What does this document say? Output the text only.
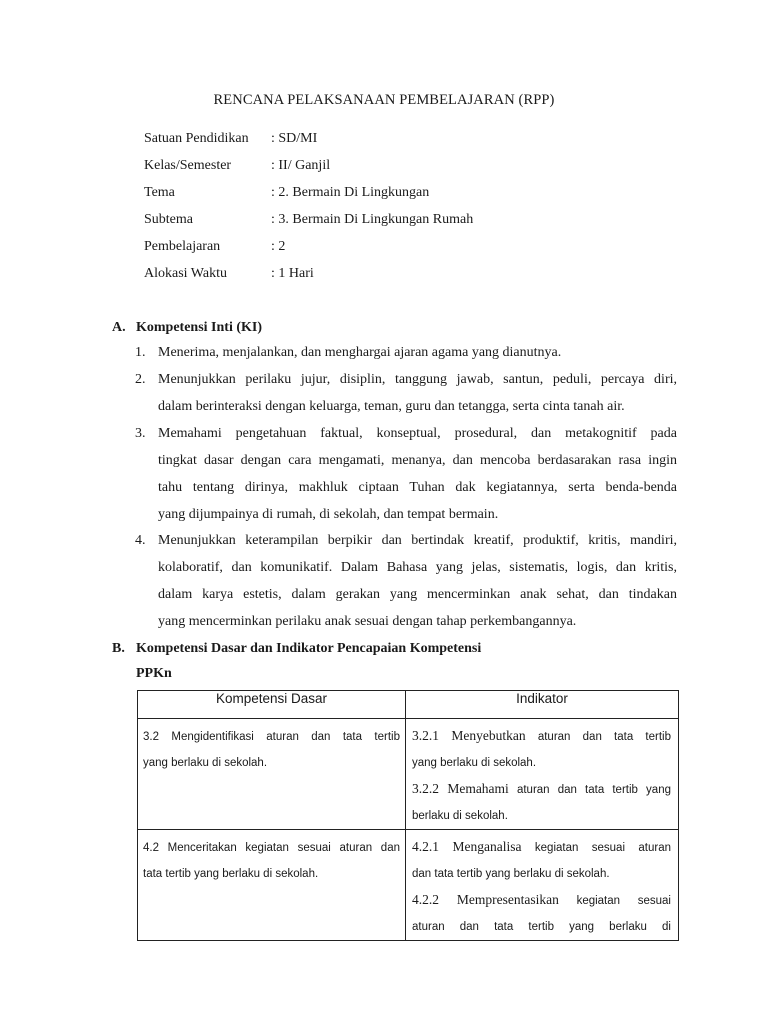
RENCANA PELAKSANAAN PEMBELAJARAN (RPP)
Satuan Pendidikan : SD/MI
Kelas/Semester	: II/ Ganjil
Tema	: 2. Bermain Di Lingkungan
Subtema	: 3. Bermain Di Lingkungan Rumah
Pembelajaran	: 2
Alokasi Waktu	: 1 Hari
A. Kompetensi Inti (KI)
1. Menerima, menjalankan, dan menghargai ajaran agama yang dianutnya.
2. Menunjukkan perilaku jujur, disiplin, tanggung jawab, santun, peduli, percaya diri,
dalam berinteraksi dengan keluarga, teman, guru dan tetangga, serta cinta tanah air.
3. Memahami pengetahuan faktual, konseptual, prosedural, dan metakognitif pada
tingkat dasar dengan cara mengamati, menanya, dan mencoba berdasarakan rasa ingin
tahu tentang dirinya, makhluk ciptaan Tuhan dak kegiatannya, serta benda-benda
yang dijumpainya di rumah, di sekolah, dan tempat bermain.
4. Menunjukkan keterampilan berpikir dan bertindak kreatif, produktif, kritis, mandiri,
kolaboratif, dan komunikatif. Dalam Bahasa yang jelas, sistematis, logis, dan kritis,
dalam karya estetis, dalam gerakan yang mencerminkan anak sehat, dan tindakan
yang mencerminkan perilaku anak sesuai dengan tahap perkembangannya.
B. Kompetensi Dasar dan Indikator Pencapaian Kompetensi
PPKn
Kompetensi Dasar	Indikator

3.2 Mengidentifikasi aturan dan tata tertib
yang berlaku di sekolah.	3.2.1 Menyebutkan aturan dan tata tertib
yang berlaku di sekolah.
3.2.2 Memahami aturan dan tata tertib yang
berlaku di sekolah.

4.2 Menceritakan kegiatan sesuai aturan dan
tata tertib yang berlaku di sekolah.	4.2.1 Menganalisa kegiatan sesuai aturan
dan tata tertib yang berlaku di sekolah.
4.2.2 Mempresentasikan kegiatan sesuai
aturan dan tata tertib yang berlaku di
